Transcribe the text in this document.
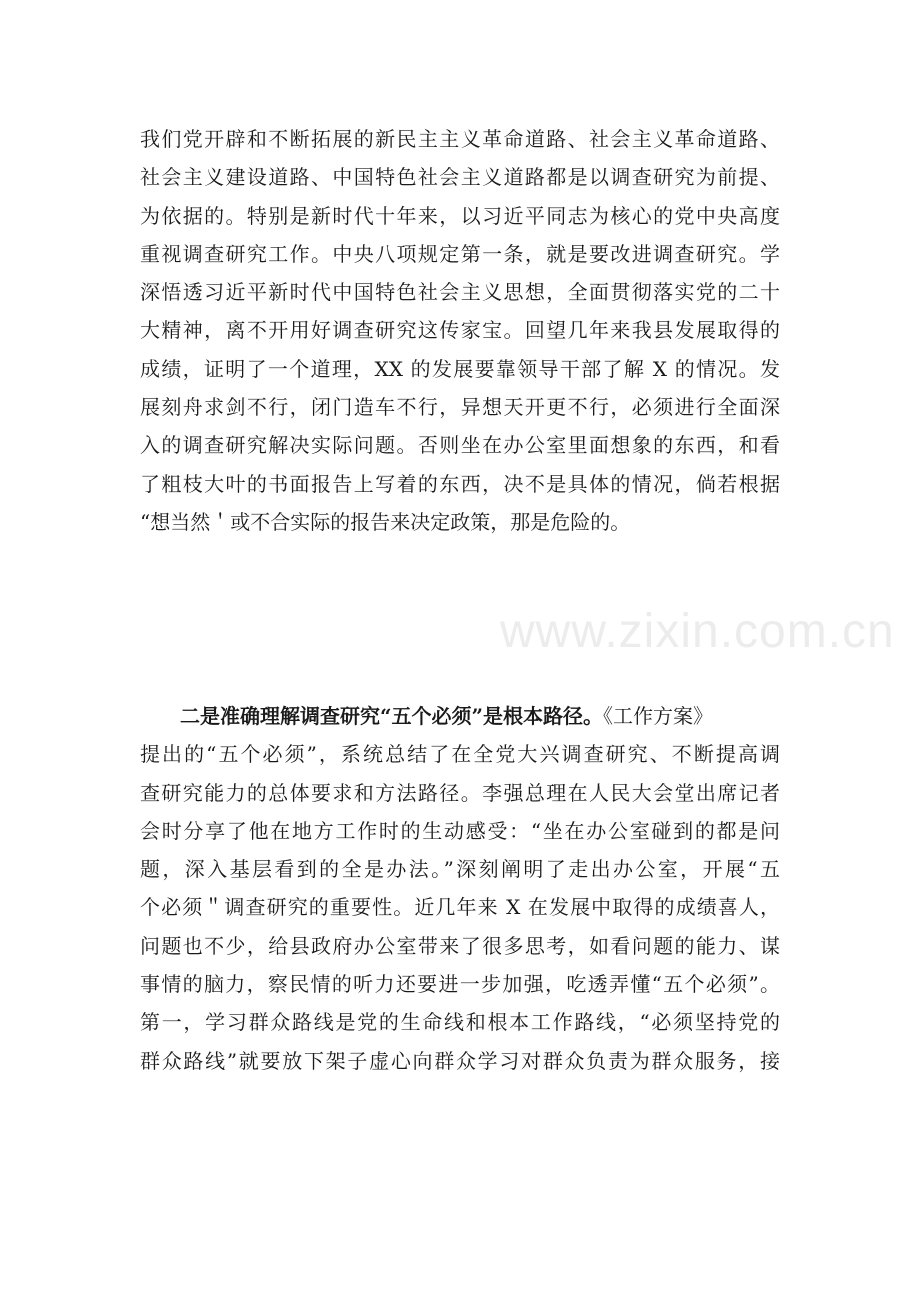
我们党开辟和不断拓展的新民主主义革命道路、社会主义革命道路、
社会主义建设道路、中国特色社会主义道路都是以调查研究为前提、
为依据的。特别是新时代十年来，以习近平同志为核心的党中央高度
重视调查研究工作。中央八项规定第一条，就是要改进调查研究。学
深悟透习近平新时代中国特色社会主义思想，全面贯彻落实党的二十
大精神，离不开用好调查研究这传家宝。回望几年来我县发展取得的
成绩，证明了一个道理，XX 的发展要靠领导干部了解 X 的情况。发
展刻舟求剑不行，闭门造车不行，异想天开更不行，必须进行全面深
入的调查研究解决实际问题。否则坐在办公室里面想象的东西，和看
了粗枝大叶的书面报告上写着的东西，决不是具体的情况，倘若根据
“想当然＇或不合实际的报告来决定政策，那是危险的。
www.zixin.com.cn
二是准确理解调查研究“五个必须”是根本路径。《工作方案》
提出的“五个必须”，系统总结了在全党大兴调查研究、不断提高调
查研究能力的总体要求和方法路径。李强总理在人民大会堂出席记者
会时分享了他在地方工作时的生动感受：“坐在办公室碰到的都是问
题，深入基层看到的全是办法。”深刻阐明了走出办公室，开展“五
个必须＂调查研究的重要性。近几年来 X 在发展中取得的成绩喜人，
问题也不少，给县政府办公室带来了很多思考，如看问题的能力、谋
事情的脑力，察民情的听力还要进一步加强，吃透弄懂“五个必须”。
第一，学习群众路线是党的生命线和根本工作路线，“必须坚持党的
群众路线”就要放下架子虚心向群众学习对群众负责为群众服务，接
